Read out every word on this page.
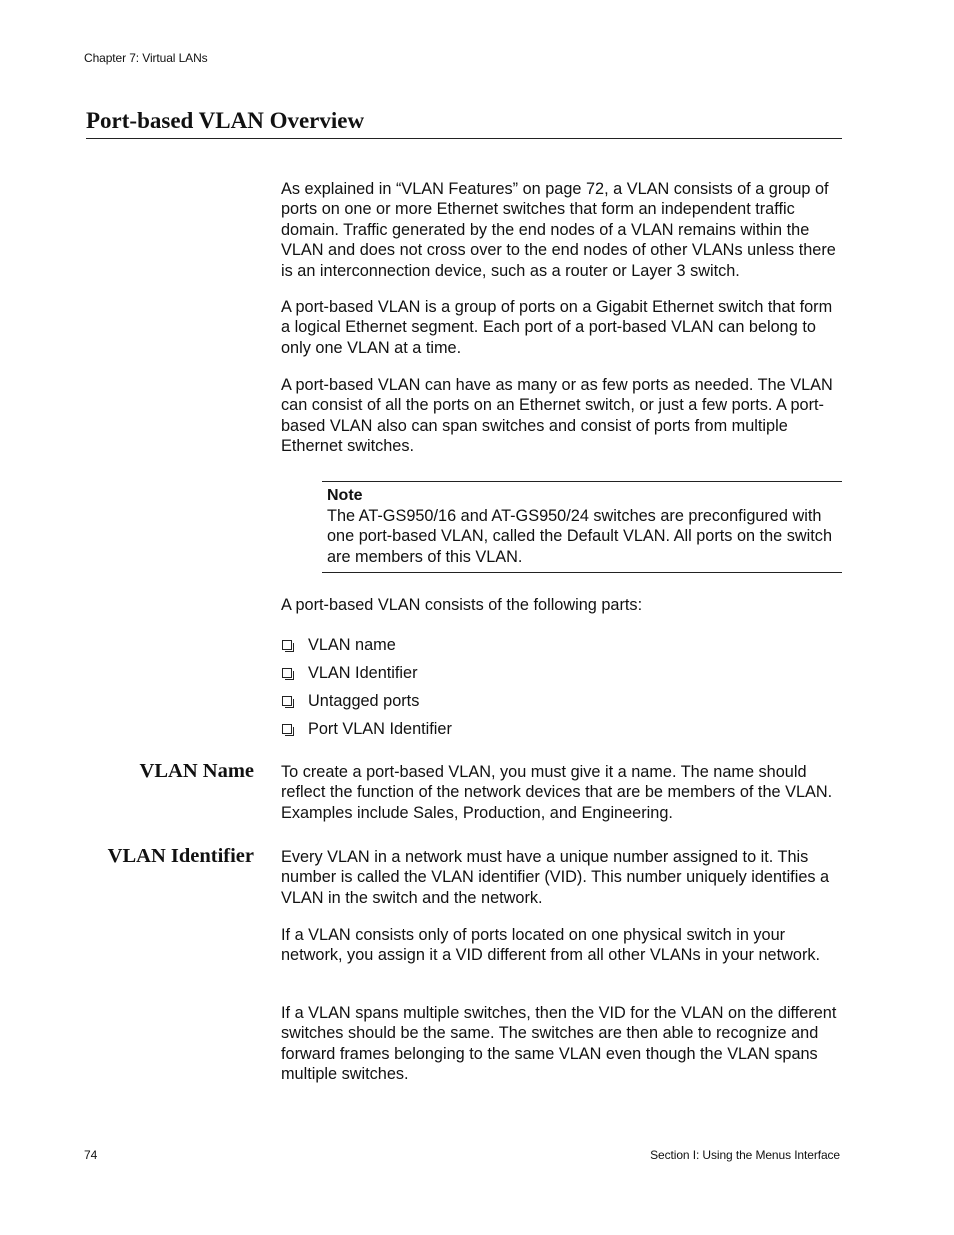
Chapter 7: Virtual LANs
Port-based VLAN Overview

As explained in “VLAN Features” on page 72, a VLAN consists of a group of ports on one or more Ethernet switches that form an independent traffic domain. Traffic generated by the end nodes of a VLAN remains within the VLAN and does not cross over to the end nodes of other VLANs unless there is an interconnection device, such as a router or Layer 3 switch.

A port-based VLAN is a group of ports on a Gigabit Ethernet switch that form a logical Ethernet segment. Each port of a port-based VLAN can belong to only one VLAN at a time.

A port-based VLAN can have as many or as few ports as needed. The VLAN can consist of all the ports on an Ethernet switch, or just a few ports. A port-based VLAN also can span switches and consist of ports from multiple Ethernet switches.

Note
The AT-GS950/16 and AT-GS950/24 switches are preconfigured with one port-based VLAN, called the Default VLAN. All ports on the switch are members of this VLAN.

A port-based VLAN consists of the following parts:

VLAN name
VLAN Identifier
Untagged ports
Port VLAN Identifier
VLAN Name To create a port-based VLAN, you must give it a name. The name should reflect the function of the network devices that are be members of the VLAN. Examples include Sales, Production, and Engineering.

VLAN Identifier Every VLAN in a network must have a unique number assigned to it. This number is called the VLAN identifier (VID). This number uniquely identifies a VLAN in the switch and the network.

If a VLAN consists only of ports located on one physical switch in your network, you assign it a VID different from all other VLANs in your network.

If a VLAN spans multiple switches, then the VID for the VLAN on the different switches should be the same. The switches are then able to recognize and forward frames belonging to the same VLAN even though the VLAN spans multiple switches.

74	Section I: Using the Menus Interface
